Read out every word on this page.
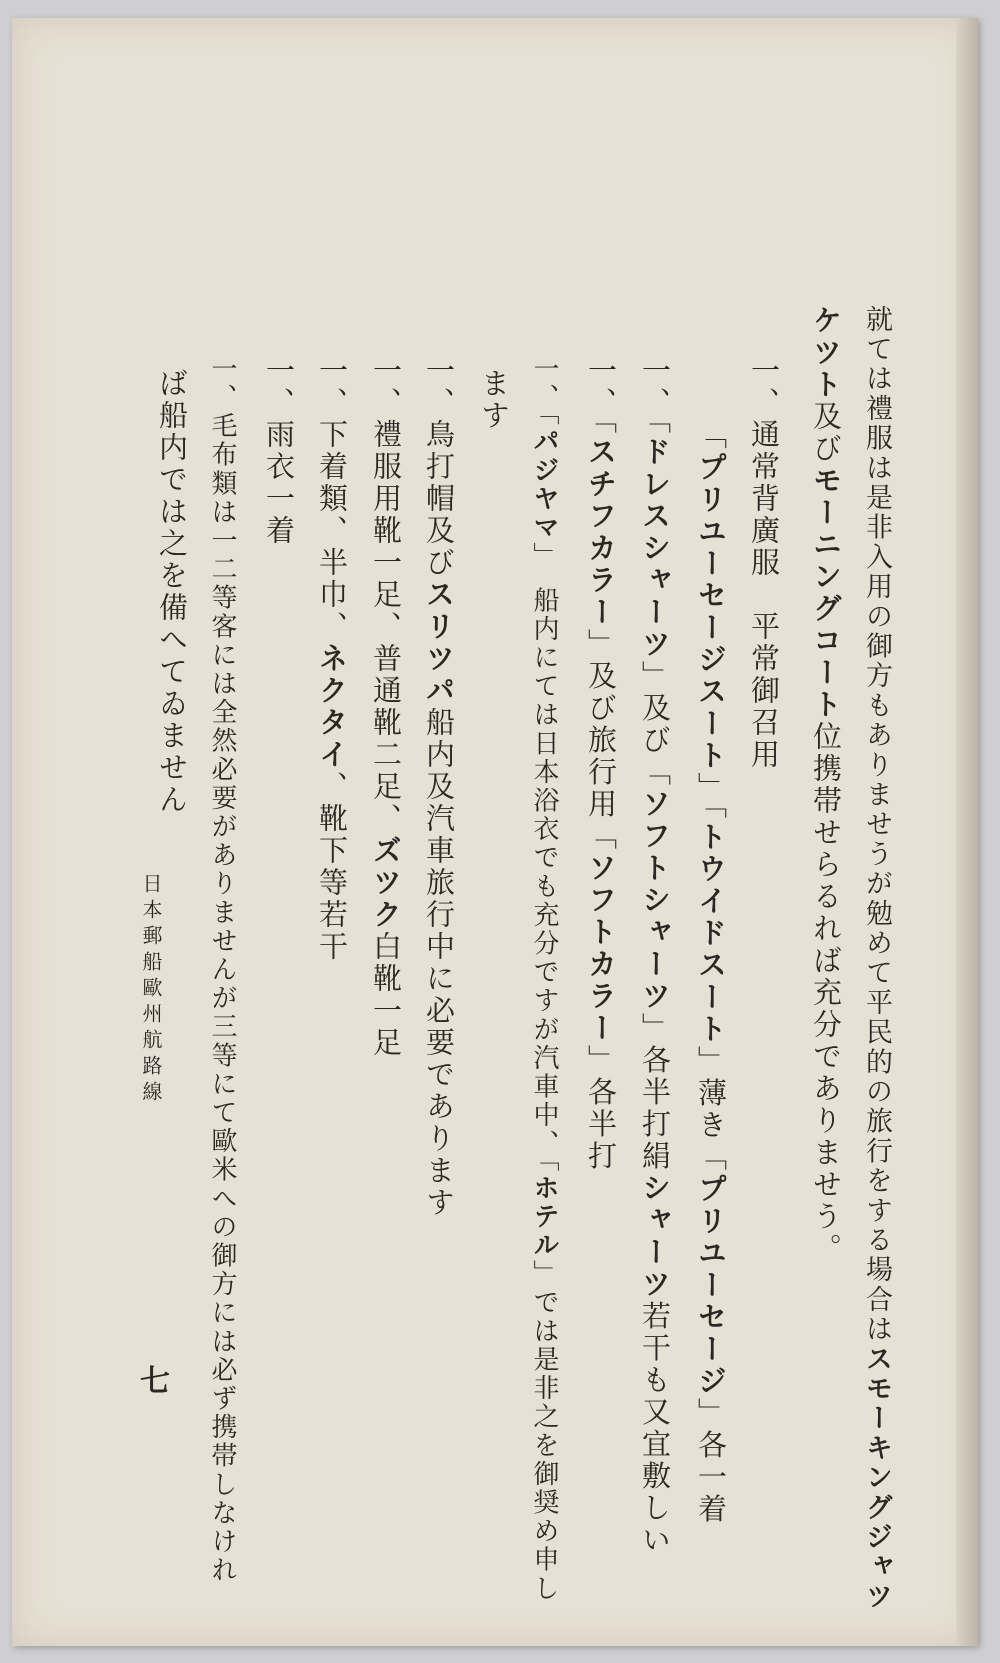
日本郵船歐州航路線
七
就ては禮服は是非入用の御方もありませうが勉めて平民的の旅行をする場合はスモーキングジャツ
ケツト及びモーニングコート位携帯せらるれば充分でありませう。
一、通常背廣服　平常御召用
「プリユーセージスート」「トウイドスート」薄き「プリユーセージ」各一着
一、「ドレスシャーツ」及び「ソフトシャーツ」各半打絹シャーツ若干も又宜敷しい
一、「スチフカラー」及び旅行用「ソフトカラー」各半打
一、「パジヤマ」　船内にては日本浴衣でも充分ですが汽車中、「ホテル」では是非之を御奨め申し
ます
一、鳥打帽及びスリツパ船内及汽車旅行中に必要であります
一、禮服用靴一足、普通靴二足、ズツク白靴一足
一、下着類、半巾、ネクタイ、靴下等若干
一、雨衣一着
一、毛布類は一二等客には全然必要がありませんが三等にて歐米への御方には必ず携帯しなけれ
ば船内では之を備へてゐません
